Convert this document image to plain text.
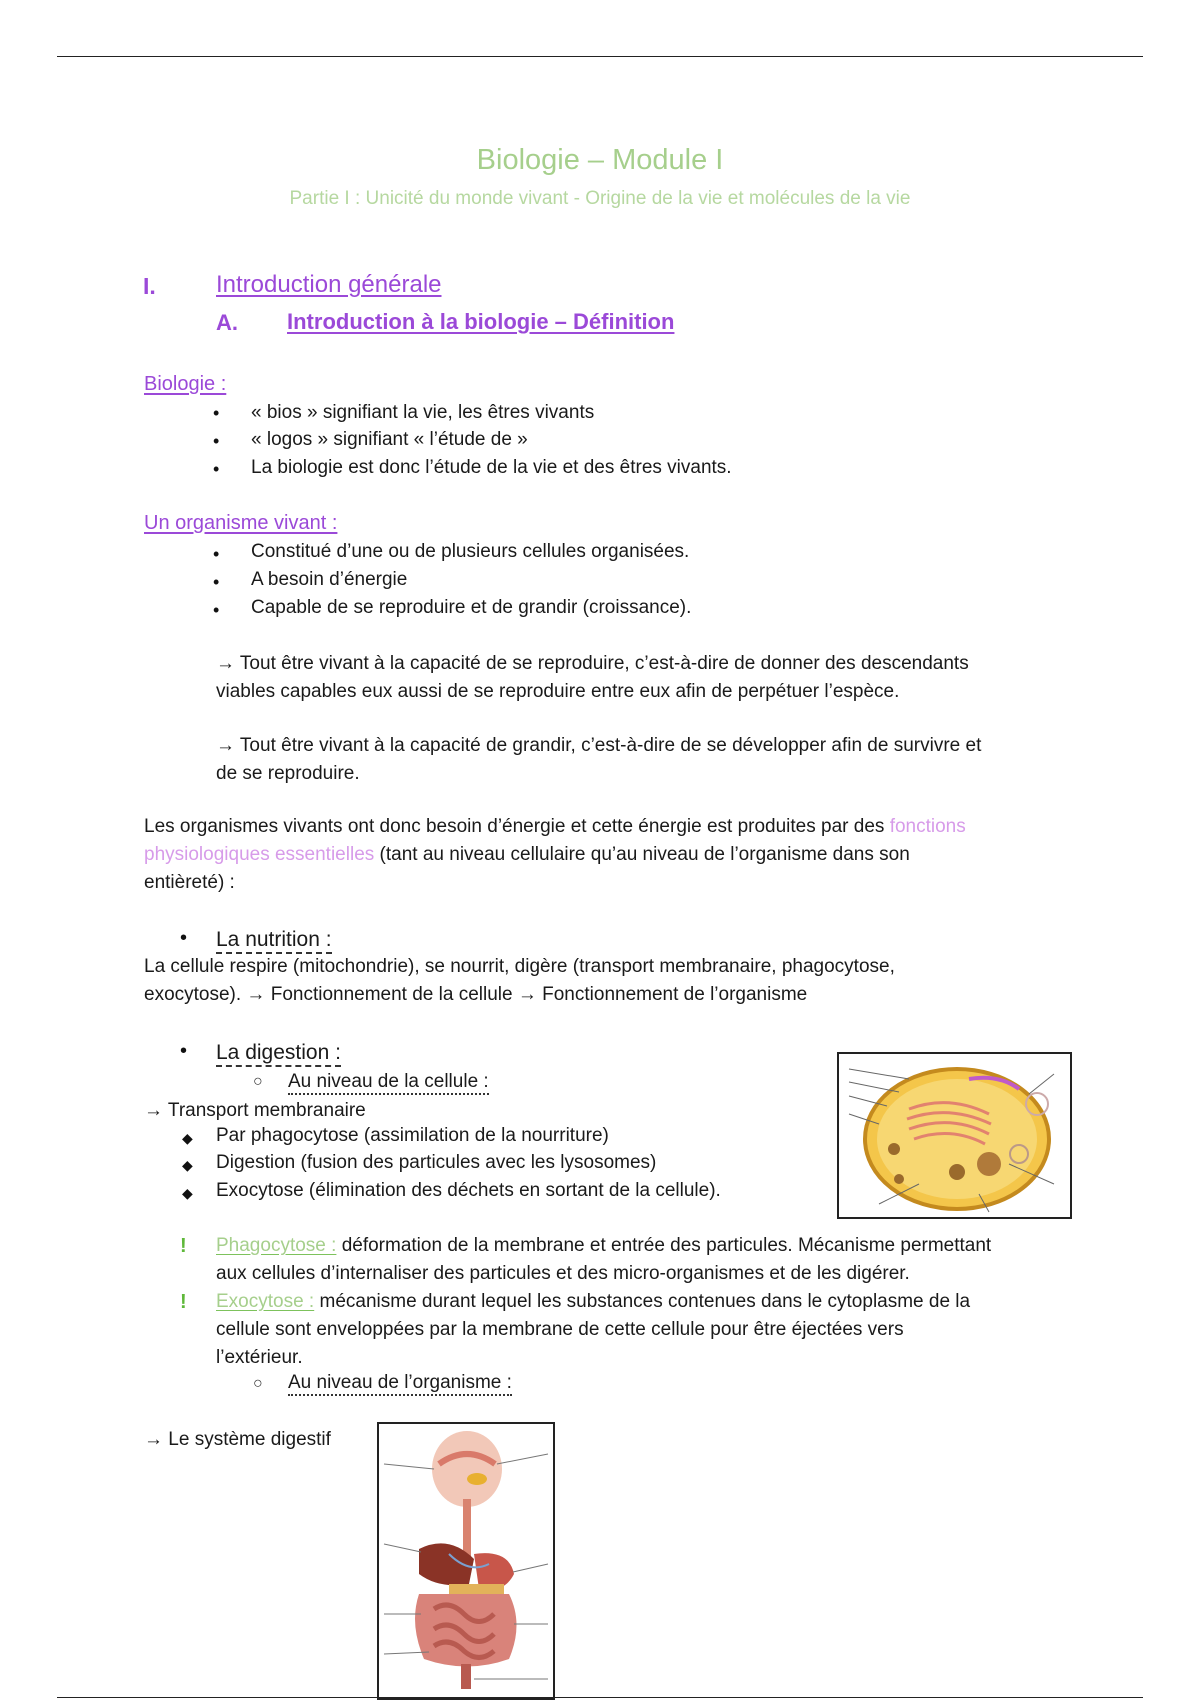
Biologie – Module I
Partie I : Unicité du monde vivant - Origine de la vie et molécules de la vie
I.	Introduction générale
A. Introduction à la biologie – Définition
Biologie :
• « bios » signifiant la vie, les êtres vivants
• « logos » signifiant « l’étude de »
• La biologie est donc l’étude de la vie et des êtres vivants.
Un organisme vivant :
• Constitué d’une ou de plusieurs cellules organisées.
• A besoin d’énergie
• Capable de se reproduire et de grandir (croissance).
→ Tout être vivant à la capacité de se reproduire, c’est-à-dire de donner des descendants
viables capables eux aussi de se reproduire entre eux afin de perpétuer l’espèce.
→ Tout être vivant à la capacité de grandir, c’est-à-dire de se développer afin de survivre et
de se reproduire.
Les organismes vivants ont donc besoin d’énergie et cette énergie est produites par des fonctions
physiologiques essentielles (tant au niveau cellulaire qu’au niveau de l’organisme dans son
entièreté) :
• La nutrition :
La cellule respire (mitochondrie), se nourrit, digère (transport membranaire, phagocytose,
exocytose). → Fonctionnement de la cellule → Fonctionnement de l’organisme
• La digestion :
○ Au niveau de la cellule :
→ Transport membranaire
◆ Par phagocytose (assimilation de la nourriture)
◆ Digestion (fusion des particules avec les lysosomes)
◆ Exocytose (élimination des déchets en sortant de la cellule).
! Phagocytose : déformation de la membrane et entrée des particules. Mécanisme permettant
aux cellules d’internaliser des particules et des micro-organismes et de les digérer.
! Exocytose : mécanisme durant lequel les substances contenues dans le cytoplasme de la
cellule sont enveloppées par la membrane de cette cellule pour être éjectées vers
l’extérieur.
○ Au niveau de l’organisme :
→ Le système digestif
